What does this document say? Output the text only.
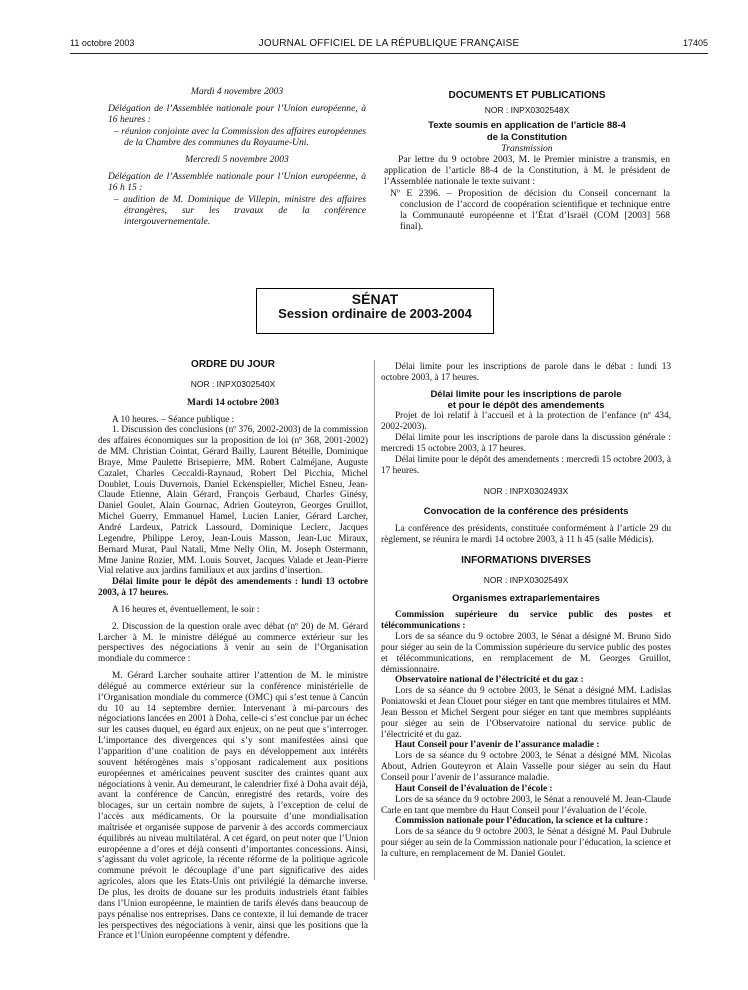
11 octobre 2003	JOURNAL OFFICIEL DE LA RÉPUBLIQUE FRANÇAISE	17405

Mardi 4 novembre 2003

Délégation de l’Assemblée nationale pour l’Union européenne, à 16 heures :

– réunion conjointe avec la Commission des affaires européennes de la Chambre des communes du Royaume-Uni.

Mercredi 5 novembre 2003

Délégation de l’Assemblée nationale pour l’Union européenne, à 16 h 15 :

– audition de M. Dominique de Villepin, ministre des affaires étrangères, sur les travaux de la conférence intergouvernementale.

DOCUMENTS ET PUBLICATIONS

NOR : INPX0302548X

Texte soumis en application de l’article 88-4

de la Constitution

Transmission

Par lettre du 9 octobre 2003, M. le Premier ministre a transmis, en application de l’article 88-4 de la Constitution, à M. le président de l’Assemblée nationale le texte suivant :

Nº E 2396. – Proposition de décision du Conseil concernant la conclusion de l’accord de coopération scientifique et technique entre la Communauté européenne et l’État d’Israël (COM [2003] 568 final).

SÉNAT
Session ordinaire de 2003-2004

ORDRE DU JOUR

NOR : INPX0302540X

Mardi 14 octobre 2003

A 10 heures. – Séance publique :

1. Discussion des conclusions (nº 376, 2002-2003) de la commission des affaires économiques sur la proposition de loi (nº 368, 2001-2002) de MM. Christian Cointat, Gérard Bailly, Laurent Béteille, Dominique Braye, Mme Paulette Brisepierre, MM. Robert Calméjane, Auguste Cazalet, Charles Ceccaldi-Raynaud, Robert Del Picchia, Michel Doublet, Louis Duvernois, Daniel Eckenspieller, Michel Esneu, Jean-Claude Etienne, Alain Gérard, François Gerbaud, Charles Ginésy, Daniel Goulet, Alain Gournac, Adrien Gouteyron, Georges Gruillot, Michel Guerry, Emmanuel Hamel, Lucien Lanier, Gérard Larcher, André Lardeux, Patrick Lassourd, Dominique Leclerc, Jacques Legendre, Philippe Leroy, Jean-Louis Masson, Jean-Luc Miraux, Bernard Murat, Paul Natali, Mme Nelly Olin, M. Joseph Ostermann, Mme Janine Rozier, MM. Louis Souvet, Jacques Valade et Jean-Pierre Vial relative aux jardins familiaux et aux jardins d’insertion.

Délai limite pour le dépôt des amendements : lundi 13 octobre 2003, à 17 heures.

A 16 heures et, éventuellement, le soir :

2. Discussion de la question orale avec débat (nº 20) de M. Gérard Larcher à M. le ministre délégué au commerce extérieur sur les perspectives des négociations à venir au sein de l’Organisation mondiale du commerce :

M. Gérard Larcher souhaite attirer l’attention de M. le ministre délégué au commerce extérieur sur la conférence ministérielle de l’Organisation mondiale du commerce (OMC) qui s’est tenue à Cancún du 10 au 14 septembre dernier. Intervenant à mi-parcours des négociations lancées en 2001 à Doha, celle-ci s’est conclue par un échec sur les causes duquel, eu égard aux enjeux, on ne peut que s’interroger. L’importance des divergences qui s’y sont manifestées ainsi que l’apparition d’une coalition de pays en développement aux intérêts souvent hétérogènes mais s’opposant radicalement aux positions européennes et américaines peuvent susciter des craintes quant aux négociations à venir. Au demeurant, le calendrier fixé à Doha avait déjà, avant la conférence de Cancún, enregistré des retards, voire des blocages, sur un certain nombre de sujets, à l’exception de celui de l’accès aux médicaments. Or la poursuite d’une mondialisation maîtrisée et organisée suppose de parvenir à des accords commerciaux équilibrés au niveau multilatéral. A cet égard, on peut noter que l’Union européenne a d’ores et déjà consenti d’importantes concessions. Ainsi, s’agissant du volet agricole, la récente réforme de la politique agricole commune prévoit le découplage d’une part significative des aides agricoles, alors que les Etats-Unis ont privilégié la démarche inverse. De plus, les droits de douane sur les produits industriels étant faibles dans l’Union européenne, le maintien de tarifs élevés dans beaucoup de pays pénalise nos entreprises. Dans ce contexte, il lui demande de tracer les perspectives des négociations à venir, ainsi que les positions que la France et l’Union européenne comptent y défendre.

Délai limite pour les inscriptions de parole dans le débat : lundi 13 octobre 2003, à 17 heures.

Délai limite pour les inscriptions de parole

et pour le dépôt des amendements

Projet de loi relatif à l’accueil et à la protection de l’enfance (nº 434, 2002-2003).

Délai limite pour les inscriptions de parole dans la discussion générale : mercredi 15 octobre 2003, à 17 heures.

Délai limite pour le dépôt des amendements : mercredi 15 octobre 2003, à 17 heures.

NOR : INPX0302493X

Convocation de la conférence des présidents

La conférence des présidents, constituée conformément à l’article 29 du règlement, se réunira le mardi 14 octobre 2003, à 11 h 45 (salle Médicis).

INFORMATIONS DIVERSES

NOR : INPX0302549X

Organismes extraparlementaires

Commission supérieure du service public des postes et télécommunications :

Lors de sa séance du 9 octobre 2003, le Sénat a désigné M. Bruno Sido pour siéger au sein de la Commission supérieure du service public des postes et télécommunications, en remplacement de M. Georges Gruillot, démissionnaire.

Observatoire national de l’électricité et du gaz :

Lors de sa séance du 9 octobre 2003, le Sénat a désigné MM. Ladislas Poniatowski et Jean Clouet pour siéger en tant que membres titulaires et MM. Jean Besson et Michel Sergent pour siéger en tant que membres suppléants pour siéger au sein de l’Observatoire national du service public de l’électricité et du gaz.

Haut Conseil pour l’avenir de l’assurance maladie :

Lors de sa séance du 9 octobre 2003, le Sénat a désigné MM. Nicolas About, Adrien Gouteyron et Alain Vasselle pour siéger au sein du Haut Conseil pour l’avenir de l’assurance maladie.

Haut Conseil de l’évaluation de l’école :

Lors de sa séance du 9 octobre 2003, le Sénat a renouvelé M. Jean-Claude Carle en tant que membre du Haut Conseil pour l’évaluation de l’école.

Commission nationale pour l’éducation, la science et la culture :

Lors de sa séance du 9 octobre 2003, le Sénat a désigné M. Paul Dubrule pour siéger au sein de la Commission nationale pour l’éducation, la science et la culture, en remplacement de M. Daniel Goulet.
